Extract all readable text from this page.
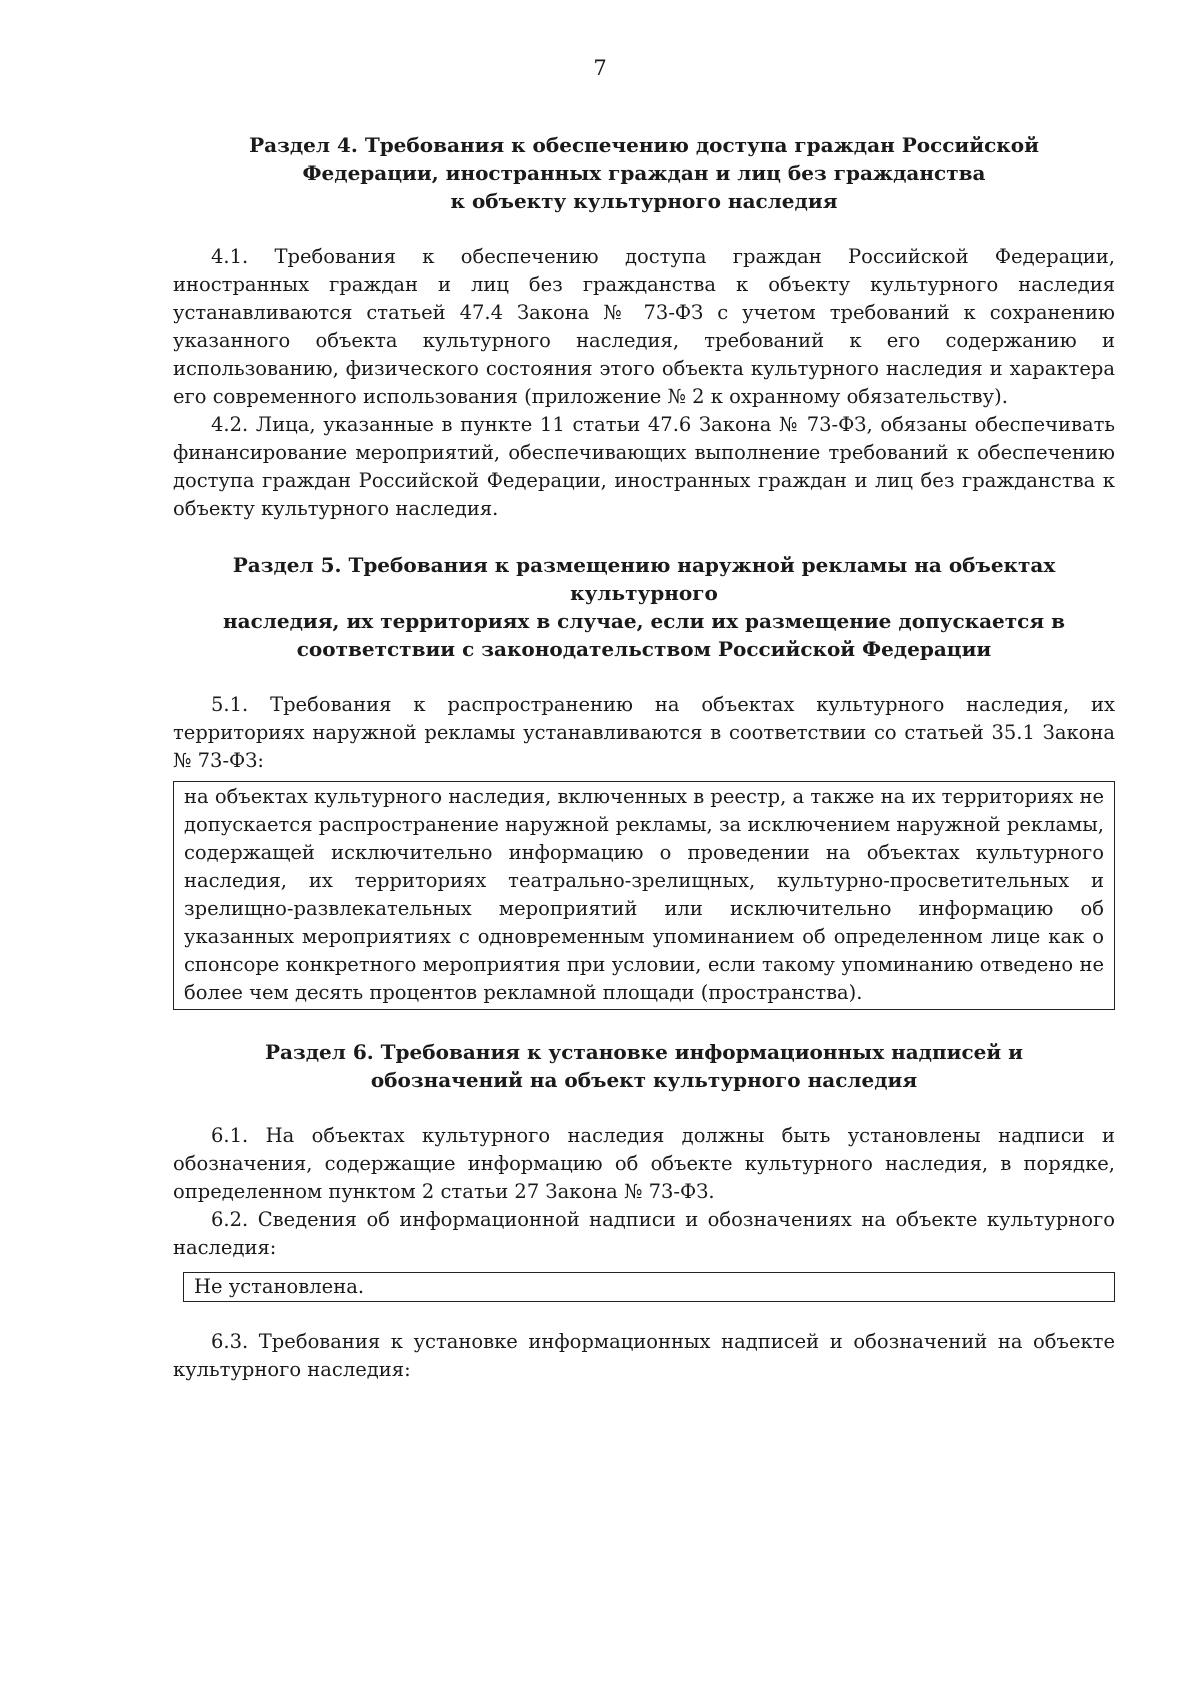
7
Раздел 4. Требования к обеспечению доступа граждан Российской
Федерации, иностранных граждан и лиц без гражданства
к объекту культурного наследия

4.1. Требования к обеспечению доступа граждан Российской Федерации, иностранных граждан и лиц без гражданства к объекту культурного наследия устанавливаются статьей 47.4 Закона № 73-ФЗ с учетом требований к сохранению указанного объекта культурного наследия, требований к его содержанию и использованию, физического состояния этого объекта культурного наследия и характера его современного использования (приложение № 2 к охранному обязательству).

4.2. Лица, указанные в пункте 11 статьи 47.6 Закона № 73-ФЗ, обязаны обеспечивать финансирование мероприятий, обеспечивающих выполнение требований к обеспечению доступа граждан Российской Федерации, иностранных граждан и лиц без гражданства к объекту культурного наследия.

Раздел 5. Требования к размещению наружной рекламы на объектах культурного
наследия, их территориях в случае, если их размещение допускается в
соответствии с законодательством Российской Федерации

5.1. Требования к распространению на объектах культурного наследия, их территориях наружной рекламы устанавливаются в соответствии со статьей 35.1 Закона № 73-ФЗ:

на объектах культурного наследия, включенных в реестр, а также на их территориях не допускается распространение наружной рекламы, за исключением наружной рекламы, содержащей исключительно информацию о проведении на объектах культурного наследия, их территориях театрально-зрелищных, культурно-просветительных и зрелищно-развлекательных мероприятий или исключительно информацию об указанных мероприятиях с одновременным упоминанием об определенном лице как о спонсоре конкретного мероприятия при условии, если такому упоминанию отведено не более чем десять процентов рекламной площади (пространства).
Раздел 6. Требования к установке информационных надписей и
обозначений на объект культурного наследия

6.1. На объектах культурного наследия должны быть установлены надписи и обозначения, содержащие информацию об объекте культурного наследия, в порядке, определенном пунктом 2 статьи 27 Закона № 73-ФЗ.

6.2. Сведения об информационной надписи и обозначениях на объекте культурного наследия:

Не установлена.

6.3. Требования к установке информационных надписей и обозначений на объекте культурного наследия:
